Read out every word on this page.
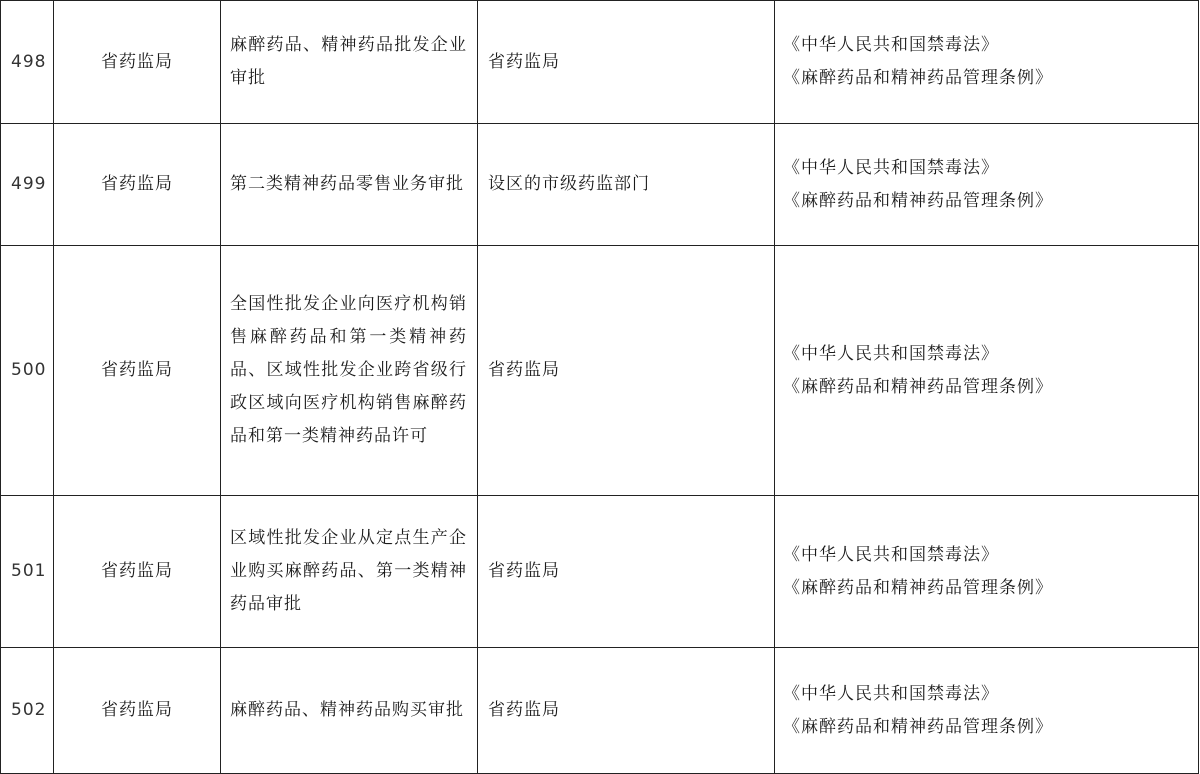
498	省药监局	麻醉药品、精神药品批发企业审批	省药监局	《中华人民共和国禁毒法》
《麻醉药品和精神药品管理条例》

499	省药监局	第二类精神药品零售业务审批	设区的市级药监部门	《中华人民共和国禁毒法》
《麻醉药品和精神药品管理条例》

500	省药监局	全国性批发企业向医疗机构销售麻醉药品和第一类精神药品、区域性批发企业跨省级行政区域向医疗机构销售麻醉药品和第一类精神药品许可	省药监局	《中华人民共和国禁毒法》
《麻醉药品和精神药品管理条例》

501	省药监局	区域性批发企业从定点生产企业购买麻醉药品、第一类精神药品审批	省药监局	《中华人民共和国禁毒法》
《麻醉药品和精神药品管理条例》

502	省药监局	麻醉药品、精神药品购买审批	省药监局	《中华人民共和国禁毒法》
《麻醉药品和精神药品管理条例》
